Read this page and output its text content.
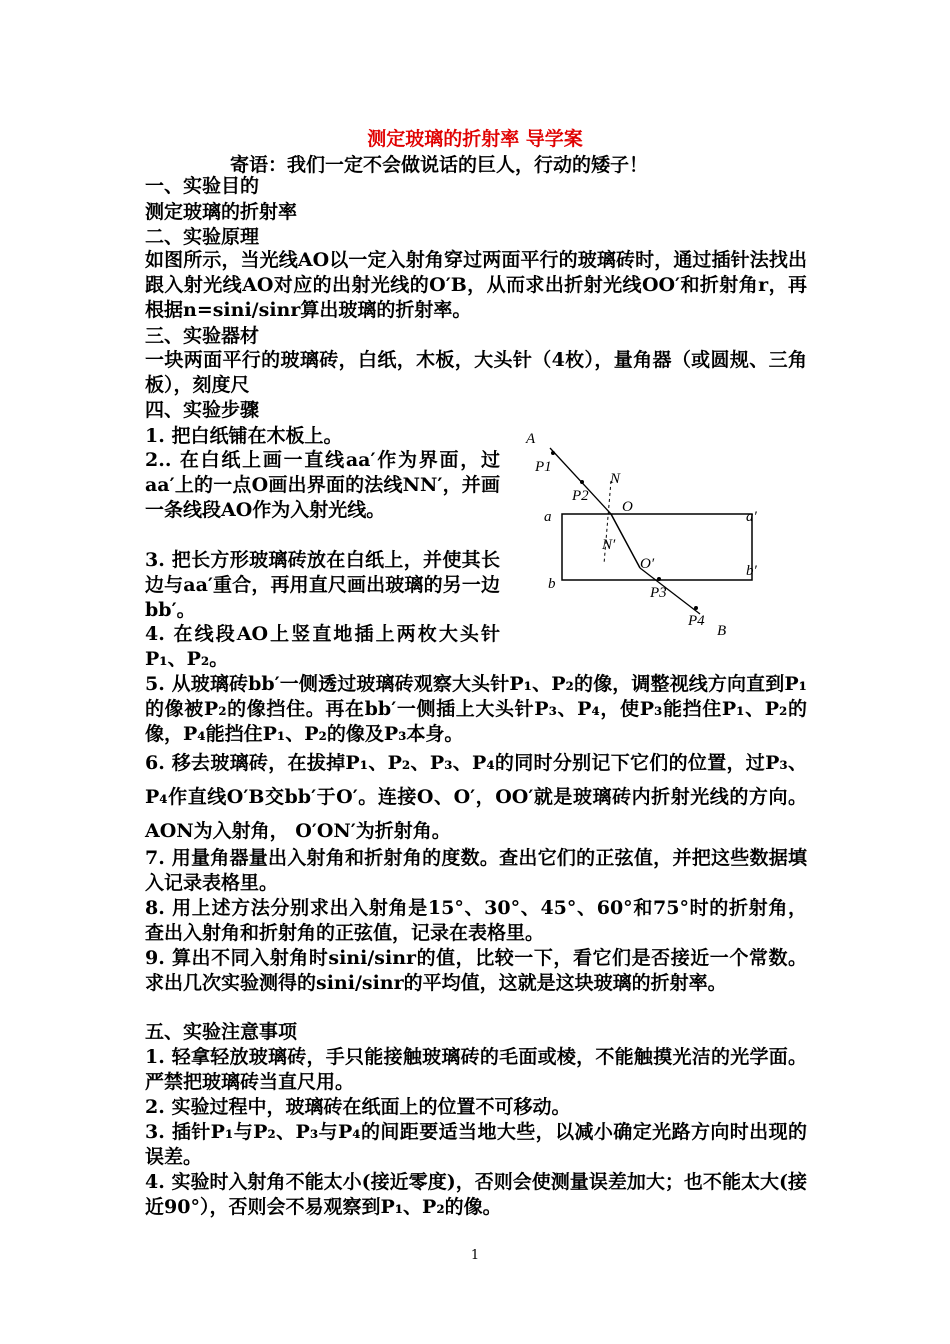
测定玻璃的折射率 导学案
寄语：我们一定不会做说话的巨人，行动的矮子！
一、实验目的
测定玻璃的折射率
二、实验原理
如图所示，当光线AO以一定入射角穿过两面平行的玻璃砖时，通过插针法找出跟入射光线AO对应的出射光线的O′B，从而求出折射光线OO′和折射角r，再根据n=sini/sinr算出玻璃的折射率。
三、实验器材
一块两面平行的玻璃砖，白纸，木板，大头针（4枚），量角器（或圆规、三角板），刻度尺
四、实验步骤
1. 把白纸铺在木板上。
2.. 在白纸上画一直线aa′作为界面，过aa′上的一点O画出界面的法线NN′，并画一条线段AO作为入射光线。
3. 把长方形玻璃砖放在白纸上，并使其长边与aa′重合，再用直尺画出玻璃的另一边bb′。
4. 在线段AO上竖直地插上两枚大头针P₁、P₂。
A
P1
N
P2
O
a	a′
N′
O′	b′
b
P3
P4
B
5. 从玻璃砖bb′一侧透过玻璃砖观察大头针P₁、P₂的像，调整视线方向直到P₁的像被P₂的像挡住。再在bb′一侧插上大头针P₃、P₄，使P₃能挡住P₁、P₂的像，P₄能挡住P₁、P₂的像及P₃本身。
6. 移去玻璃砖，在拔掉P₁、P₂、P₃、P₄的同时分别记下它们的位置，过P₃、P₄作直线O′B交bb′于O′。连接O、O′，OO′就是玻璃砖内折射光线的方向。 AON为入射角， O′ON′为折射角。
7. 用量角器量出入射角和折射角的度数。查出它们的正弦值，并把这些数据填入记录表格里。
8. 用上述方法分别求出入射角是15°、30°、45°、60°和75°时的折射角，查出入射角和折射角的正弦值，记录在表格里。
9. 算出不同入射角时sini/sinr的值，比较一下，看它们是否接近一个常数。求出几次实验测得的sini/sinr的平均值，这就是这块玻璃的折射率。
五、实验注意事项
1. 轻拿轻放玻璃砖，手只能接触玻璃砖的毛面或棱，不能触摸光洁的光学面。严禁把玻璃砖当直尺用。
2. 实验过程中，玻璃砖在纸面上的位置不可移动。
3. 插针P₁与P₂、P₃与P₄的间距要适当地大些，以减小确定光路方向时出现的误差。
4. 实验时入射角不能太小(接近零度)，否则会使测量误差加大；也不能太大(接近90°），否则会不易观察到P₁、P₂的像。
1
